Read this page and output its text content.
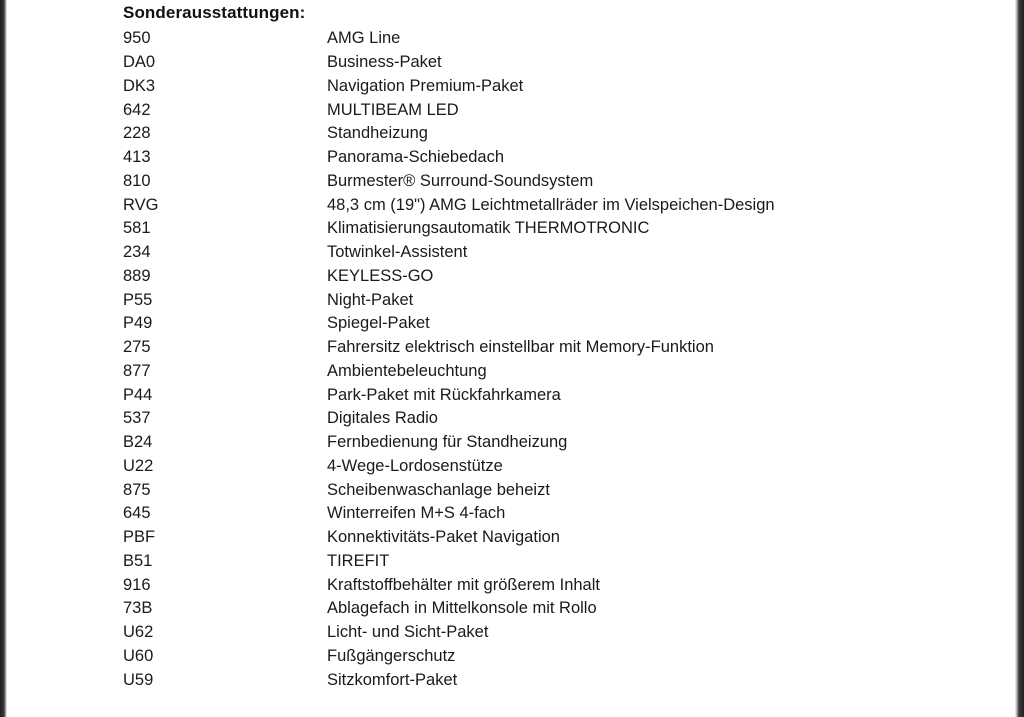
Sonderausstattungen:
950	AMG Line
DA0	Business-Paket
DK3	Navigation Premium-Paket
642	MULTIBEAM LED
228	Standheizung
413	Panorama-Schiebedach
810	Burmester® Surround-Soundsystem
RVG	48,3 cm (19") AMG Leichtmetallräder im Vielspeichen-Design
581	Klimatisierungsautomatik THERMOTRONIC
234	Totwinkel-Assistent
889	KEYLESS-GO
P55	Night-Paket
P49	Spiegel-Paket
275	Fahrersitz elektrisch einstellbar mit Memory-Funktion
877	Ambientebeleuchtung
P44	Park-Paket mit Rückfahrkamera
537	Digitales Radio
B24	Fernbedienung für Standheizung
U22	4-Wege-Lordosenstütze
875	Scheibenwaschanlage beheizt
645	Winterreifen M+S 4-fach
PBF	Konnektivitäts-Paket Navigation
B51	TIREFIT
916	Kraftstoffbehälter mit größerem Inhalt
73B	Ablagefach in Mittelkonsole mit Rollo
U62	Licht- und Sicht-Paket
U60	Fußgängerschutz
U59	Sitzkomfort-Paket
